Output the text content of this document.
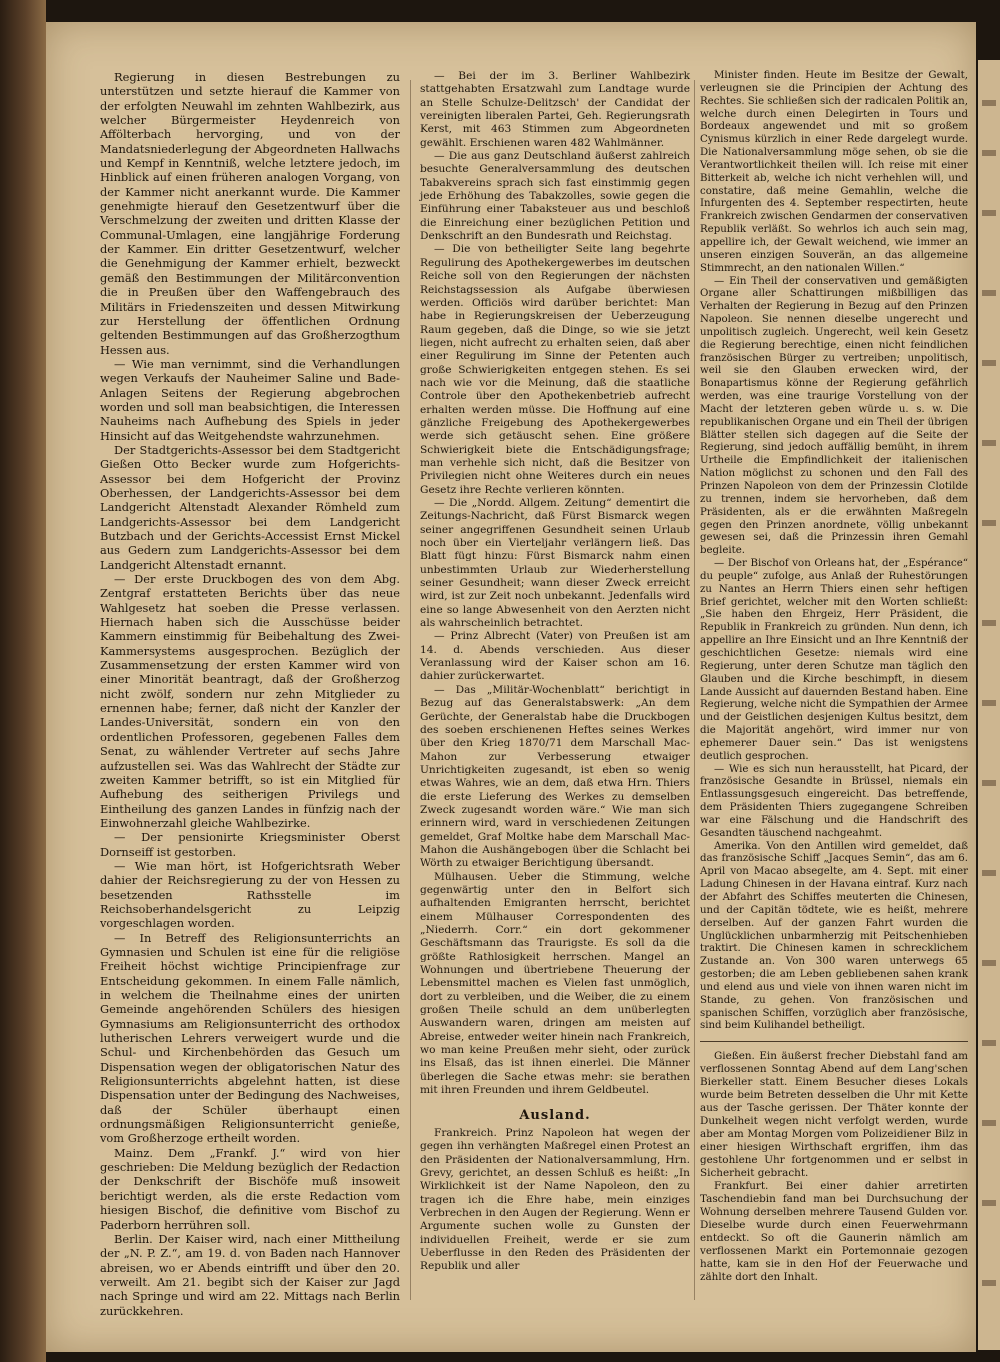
Regierung in diesen Bestrebungen zu unterstützen und setzte hierauf die Kammer von der erfolgten Neuwahl im zehnten Wahlbezirk, aus welcher Bürgermeister Heydenreich von Affölterbach hervorging, und von der Mandatsniederlegung der Abgeordneten Hallwachs und Kempf in Kenntniß, welche letztere jedoch, im Hinblick auf einen früheren analogen Vorgang, von der Kammer nicht anerkannt wurde. Die Kammer genehmigte hierauf den Gesetzentwurf über die Verschmelzung der zweiten und dritten Klasse der Communal-Umlagen, eine langjährige Forderung der Kammer. Ein dritter Gesetzentwurf, welcher die Genehmigung der Kammer erhielt, bezweckt gemäß den Bestimmungen der Militärconvention die in Preußen über den Waffengebrauch des Militärs in Friedenszeiten und dessen Mitwirkung zur Herstellung der öffentlichen Ordnung geltenden Bestimmungen auf das Großherzogthum Hessen aus.

— Wie man vernimmt, sind die Verhandlungen wegen Verkaufs der Nauheimer Saline und Bade-Anlagen Seitens der Regierung abgebrochen worden und soll man beabsichtigen, die Interessen Nauheims nach Aufhebung des Spiels in jeder Hinsicht auf das Weitgehendste wahrzunehmen.

Der Stadtgerichts-Assessor bei dem Stadtgericht Gießen Otto Becker wurde zum Hofgerichts-Assessor bei dem Hofgericht der Provinz Oberhessen, der Landgerichts-Assessor bei dem Landgericht Altenstadt Alexander Römheld zum Landgerichts-Assessor bei dem Landgericht Butzbach und der Gerichts-Accessist Ernst Mickel aus Gedern zum Landgerichts-Assessor bei dem Landgericht Altenstadt ernannt.

— Der erste Druckbogen des von dem Abg. Zentgraf erstatteten Berichts über das neue Wahlgesetz hat soeben die Presse verlassen. Hiernach haben sich die Ausschüsse beider Kammern einstimmig für Beibehaltung des Zwei-Kammersystems ausgesprochen. Bezüglich der Zusammensetzung der ersten Kammer wird von einer Minorität beantragt, daß der Großherzog nicht zwölf, sondern nur zehn Mitglieder zu ernennen habe; ferner, daß nicht der Kanzler der Landes-Universität, sondern ein von den ordentlichen Professoren, gegebenen Falles dem Senat, zu wählender Vertreter auf sechs Jahre aufzustellen sei. Was das Wahlrecht der Städte zur zweiten Kammer betrifft, so ist ein Mitglied für Aufhebung des seitherigen Privilegs und Eintheilung des ganzen Landes in fünfzig nach der Einwohnerzahl gleiche Wahlbezirke.

— Der pensionirte Kriegsminister Oberst Dornseiff ist gestorben.

— Wie man hört, ist Hofgerichtsrath Weber dahier der Reichsregierung zu der von Hessen zu besetzenden Rathsstelle im Reichsoberhandelsgericht zu Leipzig vorgeschlagen worden.

— In Betreff des Religionsunterrichts an Gymnasien und Schulen ist eine für die religiöse Freiheit höchst wichtige Principienfrage zur Entscheidung gekommen. In einem Falle nämlich, in welchem die Theilnahme eines der unirten Gemeinde angehörenden Schülers des hiesigen Gymnasiums am Religionsunterricht des orthodox lutherischen Lehrers verweigert wurde und die Schul- und Kirchenbehörden das Gesuch um Dispensation wegen der obligatorischen Natur des Religionsunterrichts abgelehnt hatten, ist diese Dispensation unter der Bedingung des Nachweises, daß der Schüler überhaupt einen ordnungsmäßigen Religionsunterricht genieße, vom Großherzoge ertheilt worden.

Mainz. Dem „Frankf. J.“ wird von hier geschrieben: Die Meldung bezüglich der Redaction der Denkschrift der Bischöfe muß insoweit berichtigt werden, als die erste Redaction vom hiesigen Bischof, die definitive vom Bischof zu Paderborn herrühren soll.

Berlin. Der Kaiser wird, nach einer Mittheilung der „N. P. Z.“, am 19. d. von Baden nach Hannover abreisen, wo er Abends eintrifft und über den 20. verweilt. Am 21. begibt sich der Kaiser zur Jagd nach Springe und wird am 22. Mittags nach Berlin zurückkehren.

— Bei der im 3. Berliner Wahlbezirk stattgehabten Ersatzwahl zum Landtage wurde an Stelle Schulze-Delitzsch' der Candidat der vereinigten liberalen Partei, Geh. Regierungsrath Kerst, mit 463 Stimmen zum Abgeordneten gewählt. Erschienen waren 482 Wahlmänner.

— Die aus ganz Deutschland äußerst zahlreich besuchte Generalversammlung des deutschen Tabakvereins sprach sich fast einstimmig gegen jede Erhöhung des Tabakzolles, sowie gegen die Einführung einer Tabaksteuer aus und beschloß die Einreichung einer bezüglichen Petition und Denkschrift an den Bundesrath und Reichstag.

— Die von betheiligter Seite lang begehrte Regulirung des Apothekergewerbes im deutschen Reiche soll von den Regierungen der nächsten Reichstagssession als Aufgabe überwiesen werden. Officiös wird darüber berichtet: Man habe in Regierungskreisen der Ueberzeugung Raum gegeben, daß die Dinge, so wie sie jetzt liegen, nicht aufrecht zu erhalten seien, daß aber einer Regulirung im Sinne der Petenten auch große Schwierigkeiten entgegen stehen. Es sei nach wie vor die Meinung, daß die staatliche Controle über den Apothekenbetrieb aufrecht erhalten werden müsse. Die Hoffnung auf eine gänzliche Freigebung des Apothekergewerbes werde sich getäuscht sehen. Eine größere Schwierigkeit biete die Entschädigungsfrage; man verhehle sich nicht, daß die Besitzer von Privilegien nicht ohne Weiteres durch ein neues Gesetz ihre Rechte verlieren könnten.

— Die „Nordd. Allgem. Zeitung“ dementirt die Zeitungs-Nachricht, daß Fürst Bismarck wegen seiner angegriffenen Gesundheit seinen Urlaub noch über ein Vierteljahr verlängern ließ. Das Blatt fügt hinzu: Fürst Bismarck nahm einen unbestimmten Urlaub zur Wiederherstellung seiner Gesundheit; wann dieser Zweck erreicht wird, ist zur Zeit noch unbekannt. Jedenfalls wird eine so lange Abwesenheit von den Aerzten nicht als wahrscheinlich betrachtet.

— Prinz Albrecht (Vater) von Preußen ist am 14. d. Abends verschieden. Aus dieser Veranlassung wird der Kaiser schon am 16. dahier zurückerwartet.

— Das „Militär-Wochenblatt“ berichtigt in Bezug auf das Generalstabswerk: „An dem Gerüchte, der Generalstab habe die Druckbogen des soeben erschienenen Heftes seines Werkes über den Krieg 1870/71 dem Marschall Mac-Mahon zur Verbesserung etwaiger Unrichtigkeiten zugesandt, ist eben so wenig etwas Wahres, wie an dem, daß etwa Hrn. Thiers die erste Lieferung des Werkes zu demselben Zweck zugesandt worden wäre.“ Wie man sich erinnern wird, ward in verschiedenen Zeitungen gemeldet, Graf Moltke habe dem Marschall Mac-Mahon die Aushängebogen über die Schlacht bei Wörth zu etwaiger Berichtigung übersandt.

Mülhausen. Ueber die Stimmung, welche gegenwärtig unter den in Belfort sich aufhaltenden Emigranten herrscht, berichtet einem Mülhauser Correspondenten des „Niederrh. Corr.“ ein dort gekommener Geschäftsmann das Traurigste. Es soll da die größte Rathlosigkeit herrschen. Mangel an Wohnungen und übertriebene Theuerung der Lebensmittel machen es Vielen fast unmöglich, dort zu verbleiben, und die Weiber, die zu einem großen Theile schuld an dem unüberlegten Auswandern waren, dringen am meisten auf Abreise, entweder weiter hinein nach Frankreich, wo man keine Preußen mehr sieht, oder zurück ins Elsaß, das ist ihnen einerlei. Die Männer überlegen die Sache etwas mehr: sie berathen mit ihren Freunden und ihrem Geldbeutel.

Ausland.

Frankreich. Prinz Napoleon hat wegen der gegen ihn verhängten Maßregel einen Protest an den Präsidenten der Nationalversammlung, Hrn. Grevy, gerichtet, an dessen Schluß es heißt: „In Wirklichkeit ist der Name Napoleon, den zu tragen ich die Ehre habe, mein einziges Verbrechen in den Augen der Regierung. Wenn er Argumente suchen wolle zu Gunsten der individuellen Freiheit, werde er sie zum Ueberflusse in den Reden des Präsidenten der Republik und aller

Minister finden. Heute im Besitze der Gewalt, verleugnen sie die Principien der Achtung des Rechtes. Sie schließen sich der radicalen Politik an, welche durch einen Delegirten in Tours und Bordeaux angewendet und mit so großem Cynismus kürzlich in einer Rede dargelegt wurde. Die Nationalversammlung möge sehen, ob sie die Verantwortlichkeit theilen will. Ich reise mit einer Bitterkeit ab, welche ich nicht verhehlen will, und constatire, daß meine Gemahlin, welche die Infurgenten des 4. September respectirten, heute Frankreich zwischen Gendarmen der conservativen Republik verläßt. So wehrlos ich auch sein mag, appellire ich, der Gewalt weichend, wie immer an unseren einzigen Souverän, an das allgemeine Stimmrecht, an den nationalen Willen.“

— Ein Theil der conservativen und gemäßigten Organe aller Schattirungen mißbilligen das Verhalten der Regierung in Bezug auf den Prinzen Napoleon. Sie nennen dieselbe ungerecht und unpolitisch zugleich. Ungerecht, weil kein Gesetz die Regierung berechtige, einen nicht feindlichen französischen Bürger zu vertreiben; unpolitisch, weil sie den Glauben erwecken wird, der Bonapartismus könne der Regierung gefährlich werden, was eine traurige Vorstellung von der Macht der letzteren geben würde u. s. w. Die republikanischen Organe und ein Theil der übrigen Blätter stellen sich dagegen auf die Seite der Regierung, sind jedoch auffällig bemüht, in ihrem Urtheile die Empfindlichkeit der italienischen Nation möglichst zu schonen und den Fall des Prinzen Napoleon von dem der Prinzessin Clotilde zu trennen, indem sie hervorheben, daß dem Präsidenten, als er die erwähnten Maßregeln gegen den Prinzen anordnete, völlig unbekannt gewesen sei, daß die Prinzessin ihren Gemahl begleite.

— Der Bischof von Orleans hat, der „Espérance“ du peuple“ zufolge, aus Anlaß der Ruhestörungen zu Nantes an Herrn Thiers einen sehr heftigen Brief gerichtet, welcher mit den Worten schließt: „Sie haben den Ehrgeiz, Herr Präsident, die Republik in Frankreich zu gründen. Nun denn, ich appellire an Ihre Einsicht und an Ihre Kenntniß der geschichtlichen Gesetze: niemals wird eine Regierung, unter deren Schutze man täglich den Glauben und die Kirche beschimpft, in diesem Lande Aussicht auf dauernden Bestand haben. Eine Regierung, welche nicht die Sympathien der Armee und der Geistlichen desjenigen Kultus besitzt, dem die Majorität angehört, wird immer nur von ephemerer Dauer sein.“ Das ist wenigstens deutlich gesprochen.

— Wie es sich nun herausstellt, hat Picard, der französische Gesandte in Brüssel, niemals ein Entlassungsgesuch eingereicht. Das betreffende, dem Präsidenten Thiers zugegangene Schreiben war eine Fälschung und die Handschrift des Gesandten täuschend nachgeahmt.

Amerika. Von den Antillen wird gemeldet, daß das französische Schiff „Jacques Semin“, das am 6. April von Macao absegelte, am 4. Sept. mit einer Ladung Chinesen in der Havana eintraf. Kurz nach der Abfahrt des Schiffes meuterten die Chinesen, und der Capitän tödtete, wie es heißt, mehrere derselben. Auf der ganzen Fahrt wurden die Unglücklichen unbarmherzig mit Peitschenhieben traktirt. Die Chinesen kamen in schrecklichem Zustande an. Von 300 waren unterwegs 65 gestorben; die am Leben gebliebenen sahen krank und elend aus und viele von ihnen waren nicht im Stande, zu gehen. Von französischen und spanischen Schiffen, vorzüglich aber französische, sind beim Kulihandel betheiligt.

Gießen. Ein äußerst frecher Diebstahl fand am verflossenen Sonntag Abend auf dem Lang'schen Bierkeller statt. Einem Besucher dieses Lokals wurde beim Betreten desselben die Uhr mit Kette aus der Tasche gerissen. Der Thäter konnte der Dunkelheit wegen nicht verfolgt werden, wurde aber am Montag Morgen vom Polizeidiener Bilz in einer hiesigen Wirthschaft ergriffen, ihm das gestohlene Uhr fortgenommen und er selbst in Sicherheit gebracht.

Frankfurt. Bei einer dahier arretirten Taschendiebin fand man bei Durchsuchung der Wohnung derselben mehrere Tausend Gulden vor. Dieselbe wurde durch einen Feuerwehrmann entdeckt. So oft die Gaunerin nämlich am verflossenen Markt ein Portemonnaie gezogen hatte, kam sie in den Hof der Feuerwache und zählte dort den Inhalt.
